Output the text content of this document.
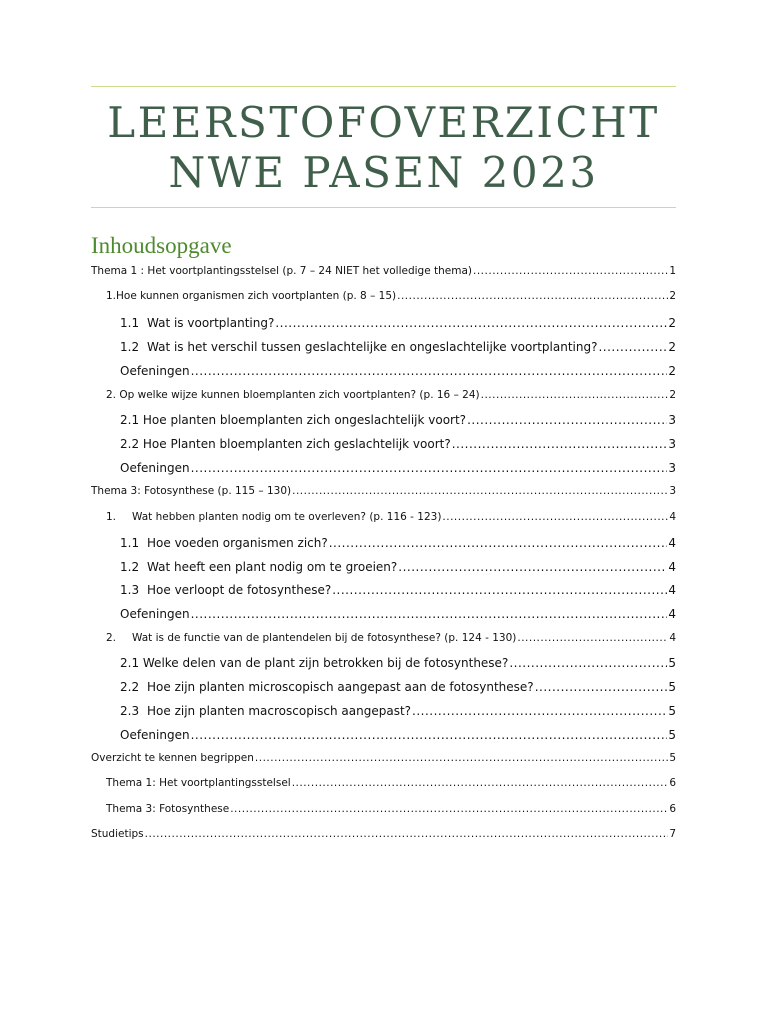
LEERSTOFOVERZICHT
NWE PASEN 2023
Inhoudsopgave
Thema 1 : Het voortplantingsstelsel (p. 7 – 24 NIET het volledige thema) .....	1
1.Hoe kunnen organismen zich voortplanten (p. 8 – 15) .....	2
1.1 Wat is voortplanting? .....	2
1.2 Wat is het verschil tussen geslachtelijke en ongeslachtelijke voortplanting? .....	2
Oefeningen .....	2
2. Op welke wijze kunnen bloemplanten zich voortplanten? (p. 16 – 24) .....	2
2.1 Hoe planten bloemplanten zich ongeslachtelijk voort? .....	3
2.2 Hoe Planten bloemplanten zich geslachtelijk voort? .....	3
Oefeningen .....	3
Thema 3: Fotosynthese (p. 115 – 130) .....	3
1. Wat hebben planten nodig om te overleven? (p. 116 - 123) .....	4
1.1 Hoe voeden organismen zich? .....	4
1.2 Wat heeft een plant nodig om te groeien? .....	4
1.3 Hoe verloopt de fotosynthese? .....	4
Oefeningen .....	4
2. Wat is de functie van de plantendelen bij de fotosynthese? (p. 124 - 130) .....	4
2.1 Welke delen van de plant zijn betrokken bij de fotosynthese? .....	5
2.2 Hoe zijn planten microscopisch aangepast aan de fotosynthese? .....	5
2.3 Hoe zijn planten macroscopisch aangepast? .....	5
Oefeningen .....	5
Overzicht te kennen begrippen .....	5
Thema 1: Het voortplantingsstelsel .....	6
Thema 3: Fotosynthese .....	6
Studietips .....	7
